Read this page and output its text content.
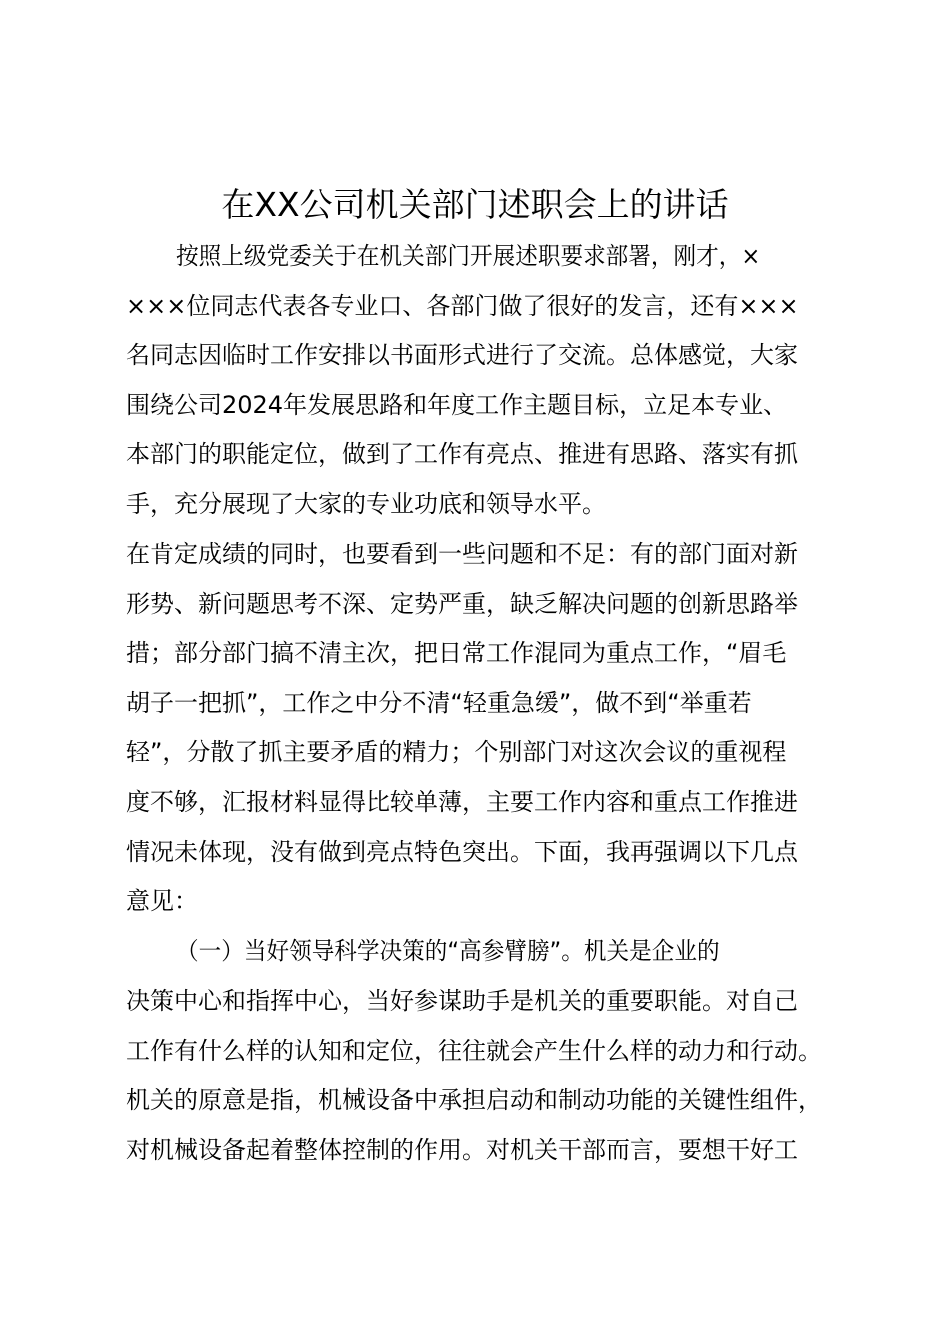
在XX公司机关部门述职会上的讲话
按照上级党委关于在机关部门开展述职要求部署，刚才，×
×××位同志代表各专业口、各部门做了很好的发言，还有×××
名同志因临时工作安排以书面形式进行了交流。总体感觉，大家
围绕公司2024年发展思路和年度工作主题目标，立足本专业、
本部门的职能定位，做到了工作有亮点、推进有思路、落实有抓
手，充分展现了大家的专业功底和领导水平。
在肯定成绩的同时，也要看到一些问题和不足：有的部门面对新
形势、新问题思考不深、定势严重，缺乏解决问题的创新思路举
措；部分部门搞不清主次，把日常工作混同为重点工作，“眉毛
胡子一把抓”，工作之中分不清“轻重急缓”，做不到“举重若
轻”，分散了抓主要矛盾的精力；个别部门对这次会议的重视程
度不够，汇报材料显得比较单薄，主要工作内容和重点工作推进
情况未体现，没有做到亮点特色突出。下面，我再强调以下几点
意见：
（一）当好领导科学决策的“高参臂膀”。机关是企业的
决策中心和指挥中心，当好参谋助手是机关的重要职能。对自己
工作有什么样的认知和定位，往往就会产生什么样的动力和行动。
机关的原意是指，机械设备中承担启动和制动功能的关键性组件，
对机械设备起着整体控制的作用。对机关干部而言，要想干好工
